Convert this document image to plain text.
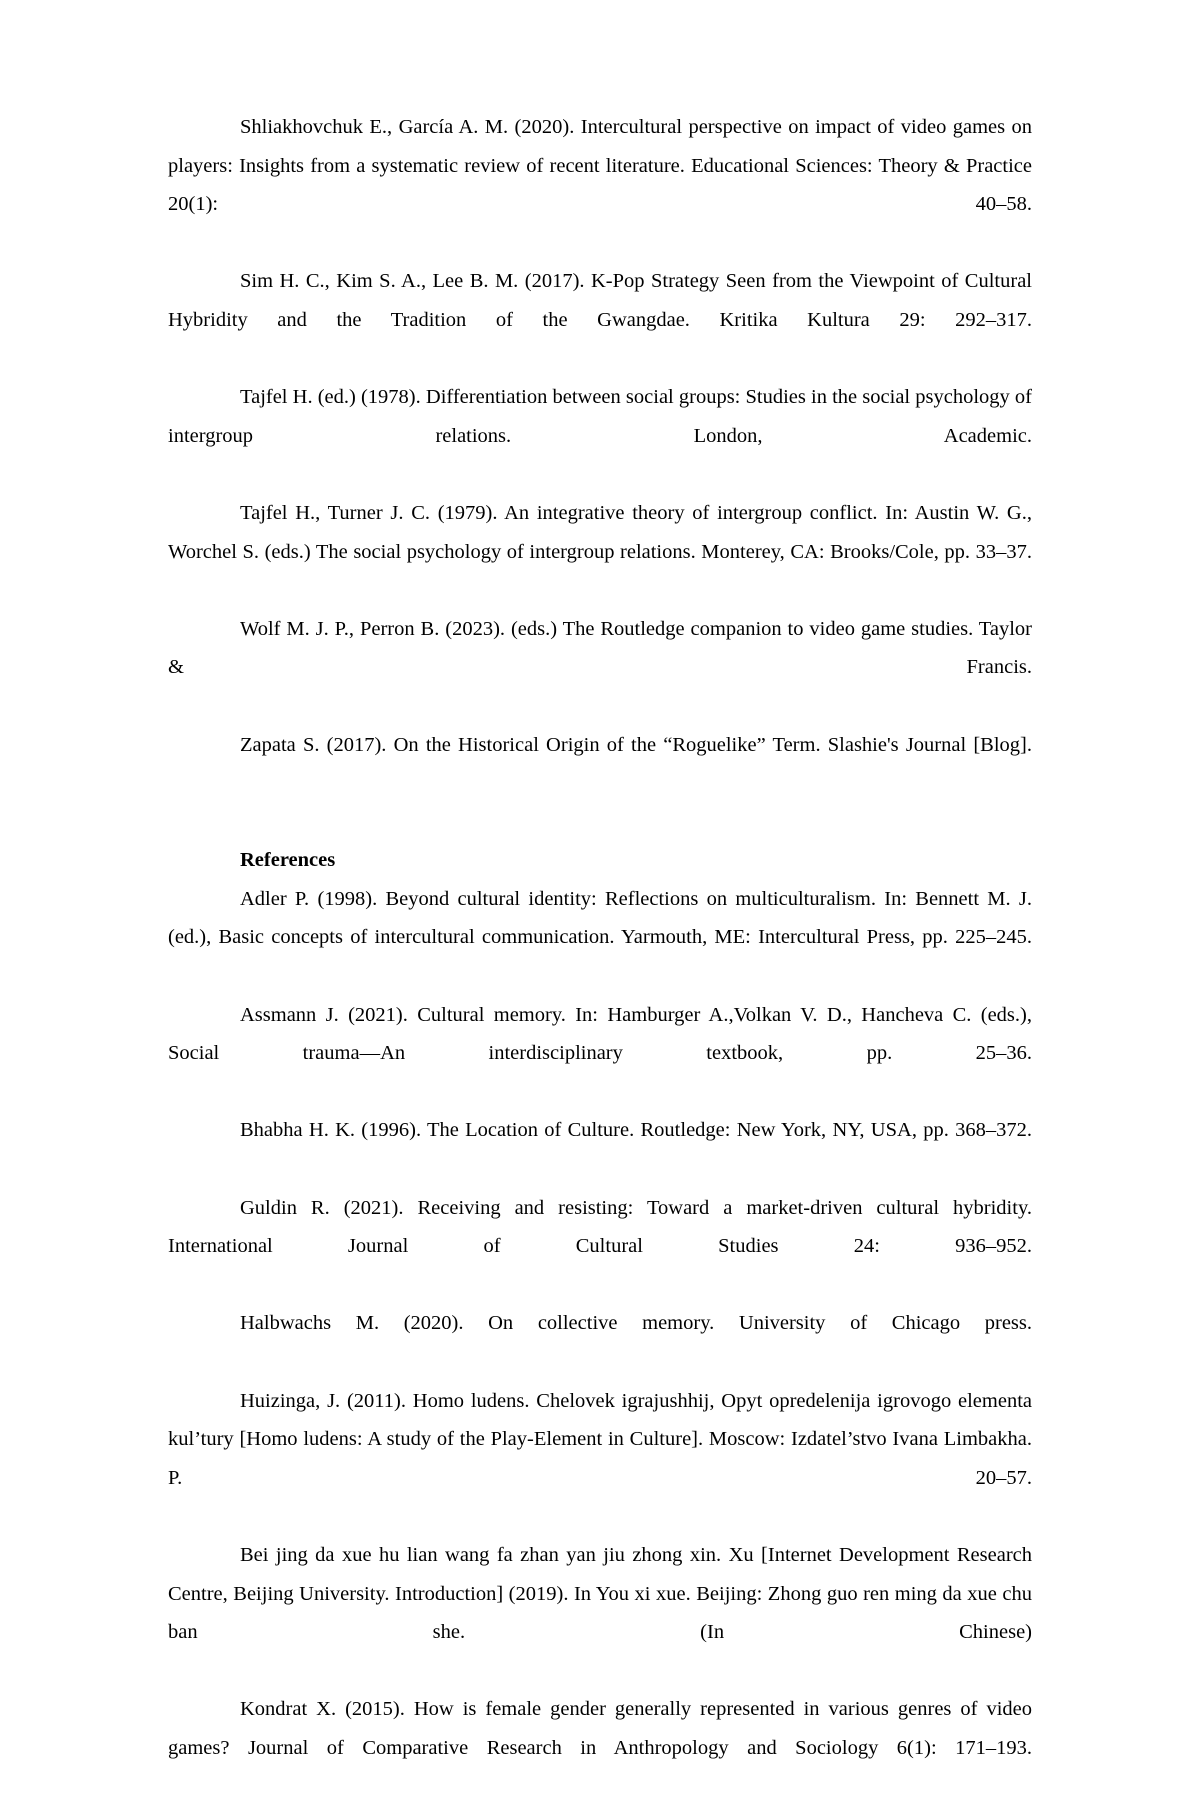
Shliakhovchuk E., García A. M. (2020). Intercultural perspective on impact of video games on players: Insights from a systematic review of recent literature. Educational Sciences: Theory & Practice 20(1): 40–58.

Sim H. C., Kim S. A., Lee B. M. (2017). K-Pop Strategy Seen from the Viewpoint of Cultural Hybridity and the Tradition of the Gwangdae. Kritika Kultura 29: 292–317.

Tajfel H. (ed.) (1978). Differentiation between social groups: Studies in the social psychology of intergroup relations. London, Academic.

Tajfel H., Turner J. C. (1979). An integrative theory of intergroup conflict. In: Austin W. G., Worchel S. (eds.) The social psychology of intergroup relations. Monterey, CA: Brooks/Cole, pp. 33–37.

Wolf M. J. P., Perron B. (2023). (eds.) The Routledge companion to video game studies. Taylor & Francis.

Zapata S. (2017). On the Historical Origin of the “Roguelike” Term. Slashie's Journal [Blog].

References

Adler P. (1998). Beyond cultural identity: Reflections on multiculturalism. In: Bennett M. J. (ed.), Basic concepts of intercultural communication. Yarmouth, ME: Intercultural Press, pp. 225–245.

Assmann J. (2021). Cultural memory. In: Hamburger A.,Volkan V. D., Hancheva C. (eds.), Social trauma—An interdisciplinary textbook, pp. 25–36.

Bhabha H. K. (1996). The Location of Culture. Routledge: New York, NY, USA, pp. 368–372.

Guldin R. (2021). Receiving and resisting: Toward a market-driven cultural hybridity. International Journal of Cultural Studies 24: 936–952.

Halbwachs M. (2020). On collective memory. University of Chicago press.

Huizinga, J. (2011). Homo ludens. Chelovek igrajushhij, Opyt opredelenija igrovogo elementa kul’tury [Homo ludens: A study of the Play-Element in Culture]. Moscow: Izdatel’stvo Ivana Limbakha. P. 20–57.

Bei jing da xue hu lian wang fa zhan yan jiu zhong xin. Xu [Internet Development Research Centre, Beijing University. Introduction] (2019). In You xi xue. Beijing: Zhong guo ren ming da xue chu ban she. (In Chinese)

Kondrat X. (2015). How is female gender generally represented in various genres of video games? Journal of Comparative Research in Anthropology and Sociology 6(1): 171–193.
